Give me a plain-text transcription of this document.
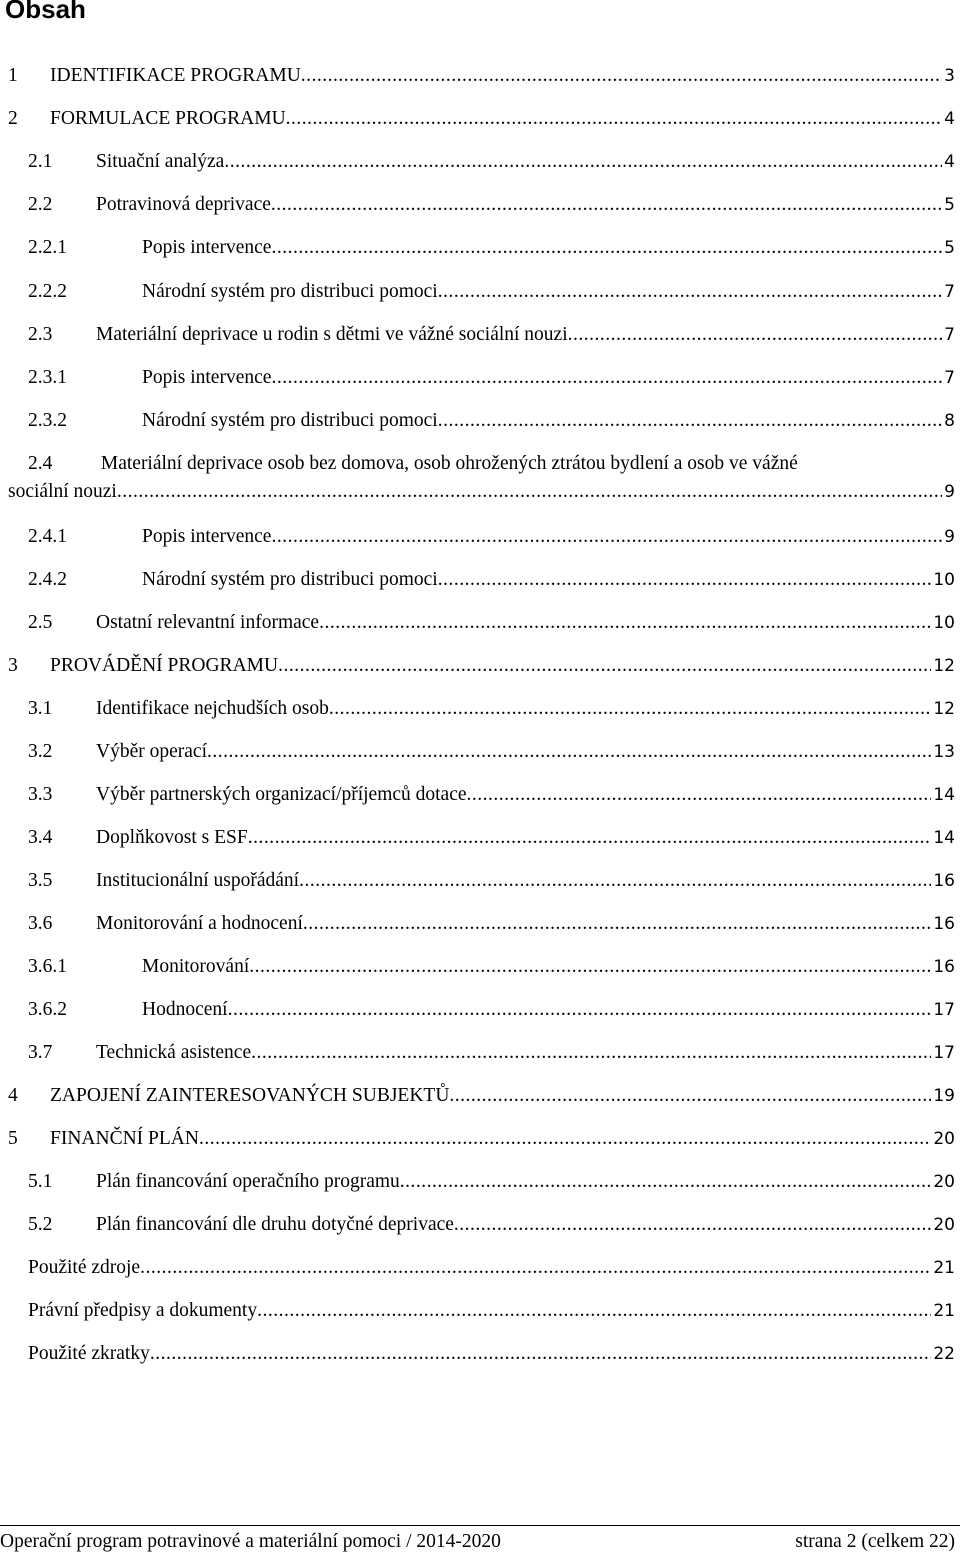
Obsah
1	IDENTIFIKACE PROGRAMU .....	3
2	FORMULACE PROGRAMU .....	4
2.1	Situační analýza .....	4
2.2	Potravinová deprivace .....	5
2.2.1	Popis intervence .....	5
2.2.2	Národní systém pro distribuci pomoci .....	7
2.3	Materiální deprivace u rodin s dětmi ve vážné sociální nouzi .....	7
2.3.1	Popis intervence .....	7
2.3.2	Národní systém pro distribuci pomoci .....	8
2.4 Materiální deprivace osob bez domova, osob ohrožených ztrátou bydlení a osob ve vážné
sociální nouzi .....	9
2.4.1	Popis intervence .....	9
2.4.2	Národní systém pro distribuci pomoci .....	10
2.5	Ostatní relevantní informace .....	10
3	PROVÁDĚNÍ PROGRAMU .....	12
3.1	Identifikace nejchudších osob .....	12
3.2	Výběr operací .....	13
3.3	Výběr partnerských organizací/příjemců dotace .....	14
3.4	Doplňkovost s ESF .....	14
3.5	Institucionální uspořádání .....	16
3.6	Monitorování a hodnocení .....	16
3.6.1	Monitorování .....	16
3.6.2	Hodnocení .....	17
3.7	Technická asistence .....	17
4	ZAPOJENÍ ZAINTERESOVANÝCH SUBJEKTŮ .....	19
5	FINANČNÍ PLÁN .....	20
5.1	Plán financování operačního programu .....	20
5.2	Plán financování dle druhu dotyčné deprivace .....	20
Použité zdroje .....	21
Právní předpisy a dokumenty .....	21
Použité zkratky .....	22
Operační program potravinové a materiální pomoci / 2014-2020	strana 2 (celkem 22)
